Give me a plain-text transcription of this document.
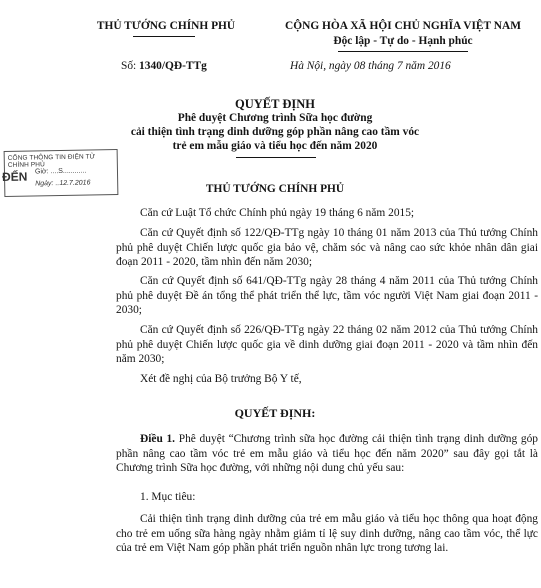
THỦ TƯỚNG CHÍNH PHỦ	CỘNG HÒA XÃ HỘI CHỦ NGHĨA VIỆT NAM
Độc lập - Tự do - Hạnh phúc
Số: 1340/QĐ-TTg	Hà Nội, ngày 08 tháng 7 năm 2016
QUYẾT ĐỊNH
Phê duyệt Chương trình Sữa học đường
cải thiện tình trạng dinh dưỡng góp phần nâng cao tầm vóc
trẻ em mẫu giáo và tiểu học đến năm 2020
CỔNG THÔNG TIN ĐIỆN TỬ CHÍNH PHỦ
ĐẾN Giờ: ....S............
Ngày: ..12.7.2016	THỦ TƯỚNG CHÍNH PHỦ
Căn cứ Luật Tổ chức Chính phủ ngày 19 tháng 6 năm 2015;
Căn cứ Quyết định số 122/QĐ-TTg ngày 10 tháng 01 năm 2013 của Thủ tướng Chính phủ phê duyệt Chiến lược quốc gia bảo vệ, chăm sóc và nâng cao sức khỏe nhân dân giai đoạn 2011 - 2020, tầm nhìn đến năm 2030;
Căn cứ Quyết định số 641/QĐ-TTg ngày 28 tháng 4 năm 2011 của Thủ tướng Chính phủ phê duyệt Đề án tổng thể phát triển thể lực, tầm vóc người Việt Nam giai đoạn 2011 - 2030;
Căn cứ Quyết định số 226/QĐ-TTg ngày 22 tháng 02 năm 2012 của Thủ tướng Chính phủ phê duyệt Chiến lược quốc gia về dinh dưỡng giai đoạn 2011 - 2020 và tầm nhìn đến năm 2030;
Xét đề nghị của Bộ trưởng Bộ Y tế,
QUYẾT ĐỊNH:
Điều 1. Phê duyệt “Chương trình sữa học đường cải thiện tình trạng dinh dưỡng góp phần nâng cao tầm vóc trẻ em mẫu giáo và tiểu học đến năm 2020” sau đây gọi tắt là Chương trình Sữa học đường, với những nội dung chủ yếu sau:
1. Mục tiêu:
Cải thiện tình trạng dinh dưỡng của trẻ em mẫu giáo và tiểu học thông qua hoạt động cho trẻ em uống sữa hàng ngày nhằm giảm tỉ lệ suy dinh dưỡng, nâng cao tầm vóc, thể lực của trẻ em Việt Nam góp phần phát triển nguồn nhân lực trong tương lai.
